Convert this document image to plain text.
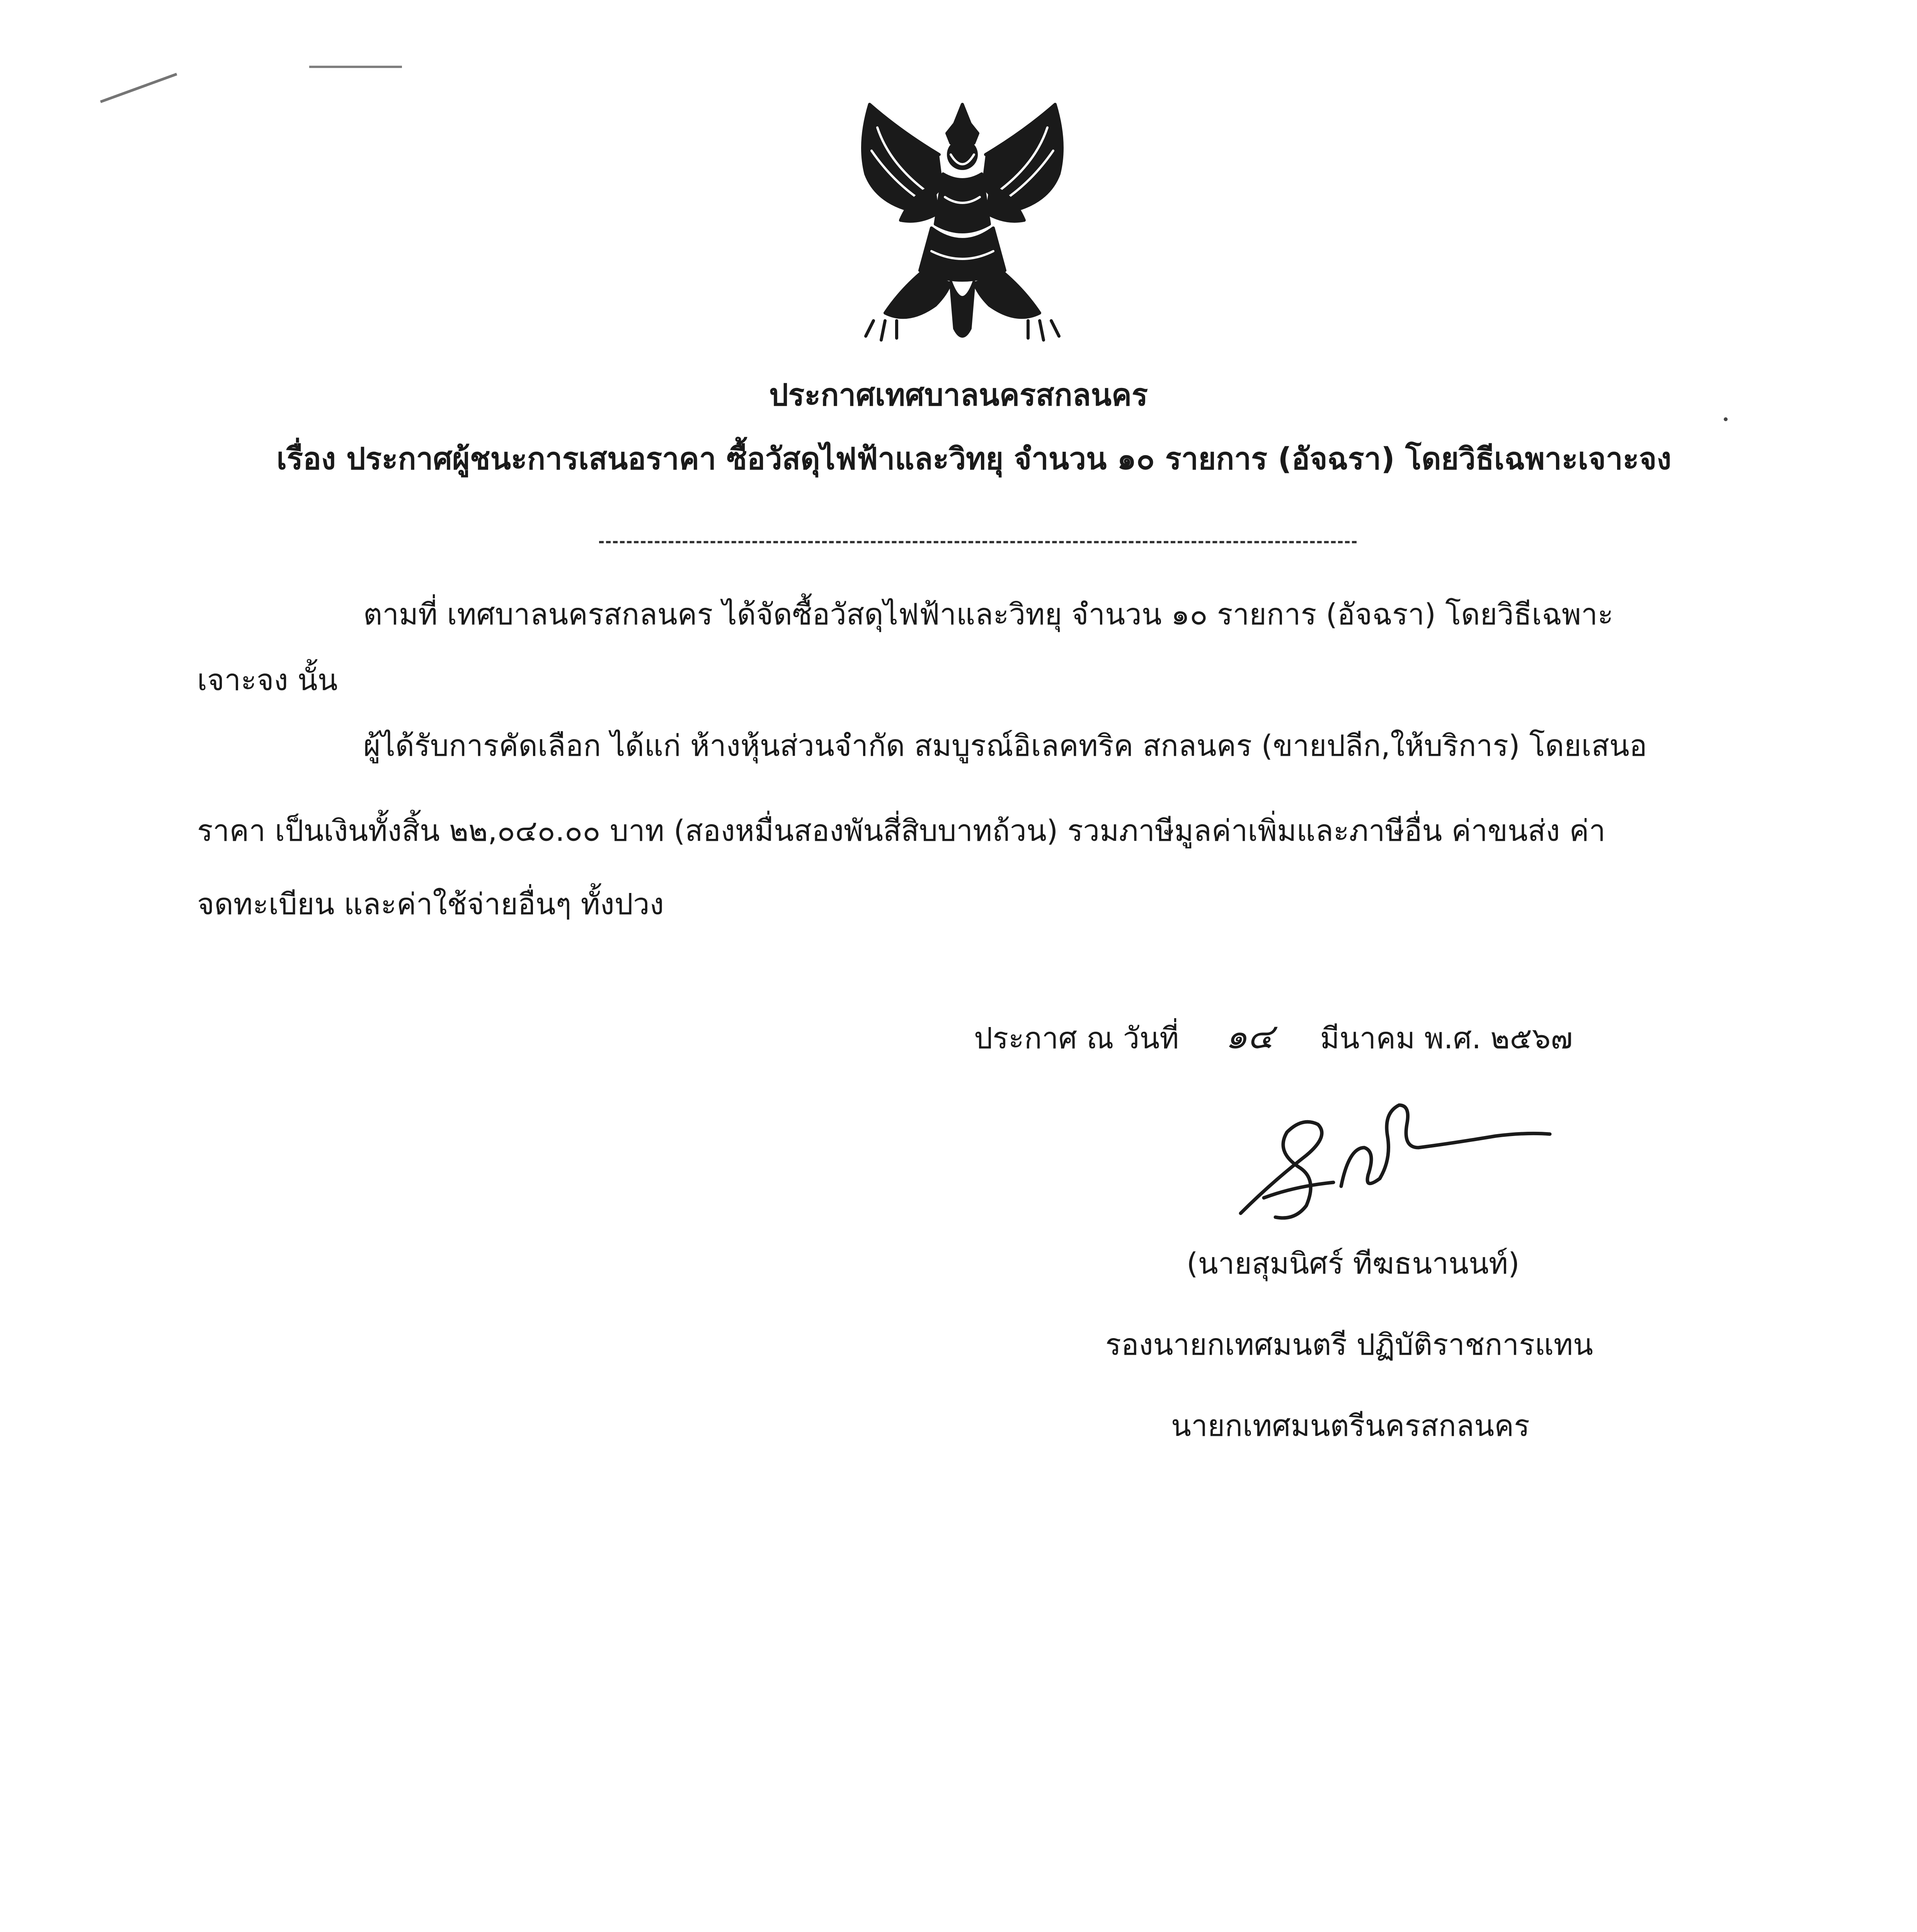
ประกาศเทศบาลนครสกลนคร
เรื่อง ประกาศผู้ชนะการเสนอราคา ซื้อวัสดุไฟฟ้าและวิทยุ จำนวน ๑๐ รายการ (อัจฉรา) โดยวิธีเฉพาะเจาะจง
ตามที่ เทศบาลนครสกลนคร ได้จัดซื้อวัสดุไฟฟ้าและวิทยุ จำนวน ๑๐ รายการ (อัจฉรา) โดยวิธีเฉพาะ
เจาะจง นั้น
ผู้ได้รับการคัดเลือก ได้แก่ ห้างหุ้นส่วนจำกัด สมบูรณ์อิเลคทริค สกลนคร (ขายปลีก,ให้บริการ) โดยเสนอ
ราคา เป็นเงินทั้งสิ้น ๒๒,๐๔๐.๐๐ บาท (สองหมื่นสองพันสี่สิบบาทถ้วน) รวมภาษีมูลค่าเพิ่มและภาษีอื่น ค่าขนส่ง ค่า
จดทะเบียน และค่าใช้จ่ายอื่นๆ ทั้งปวง
ประกาศ ณ วันที่ ๑๔ มีนาคม พ.ศ. ๒๕๖๗
(นายสุมนิศร์ ทีฆธนานนท์)
รองนายกเทศมนตรี ปฏิบัติราชการแทน
นายกเทศมนตรีนครสกลนคร
